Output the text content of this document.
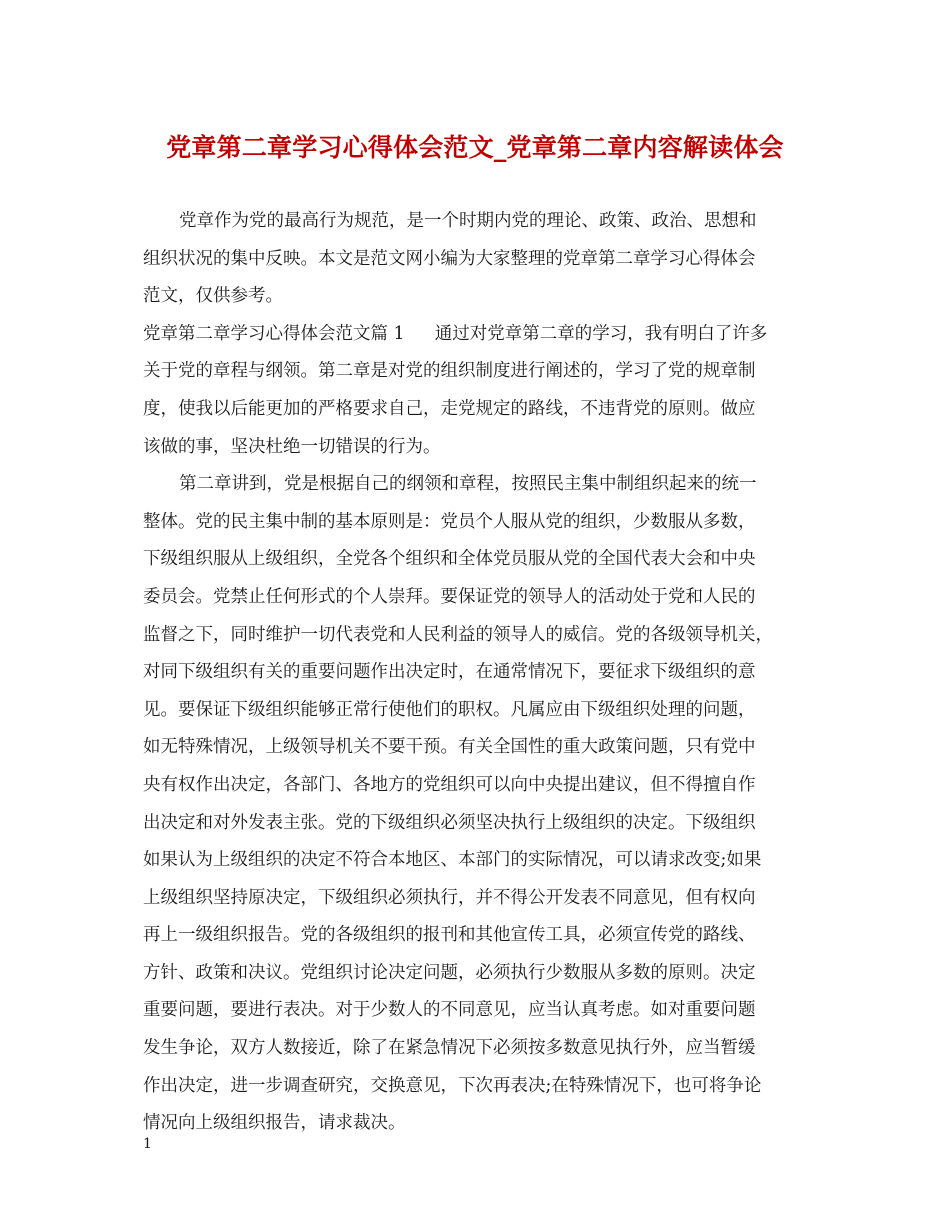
党章第二章学习心得体会范文_党章第二章内容解读体会
党章作为党的最高行为规范，是一个时期内党的理论、政策、政治、思想和
组织状况的集中反映。本文是范文网小编为大家整理的党章第二章学习心得体会
范文，仅供参考。
党章第二章学习心得体会范文篇 1 通过对党章第二章的学习，我有明白了许多
关于党的章程与纲领。第二章是对党的组织制度进行阐述的，学习了党的规章制
度，使我以后能更加的严格要求自己，走党规定的路线，不违背党的原则。做应
该做的事，坚决杜绝一切错误的行为。
第二章讲到，党是根据自己的纲领和章程，按照民主集中制组织起来的统一
整体。党的民主集中制的基本原则是：党员个人服从党的组织，少数服从多数，
下级组织服从上级组织，全党各个组织和全体党员服从党的全国代表大会和中央
委员会。党禁止任何形式的个人崇拜。要保证党的领导人的活动处于党和人民的
监督之下，同时维护一切代表党和人民利益的领导人的威信。党的各级领导机关，
对同下级组织有关的重要问题作出决定时，在通常情况下，要征求下级组织的意
见。要保证下级组织能够正常行使他们的职权。凡属应由下级组织处理的问题，
如无特殊情况，上级领导机关不要干预。有关全国性的重大政策问题，只有党中
央有权作出决定，各部门、各地方的党组织可以向中央提出建议，但不得擅自作
出决定和对外发表主张。党的下级组织必须坚决执行上级组织的决定。下级组织
如果认为上级组织的决定不符合本地区、本部门的实际情况，可以请求改变;如果
上级组织坚持原决定，下级组织必须执行，并不得公开发表不同意见，但有权向
再上一级组织报告。党的各级组织的报刊和其他宣传工具，必须宣传党的路线、
方针、政策和决议。党组织讨论决定问题，必须执行少数服从多数的原则。决定
重要问题，要进行表决。对于少数人的不同意见，应当认真考虑。如对重要问题
发生争论，双方人数接近，除了在紧急情况下必须按多数意见执行外，应当暂缓
作出决定，进一步调查研究，交换意见，下次再表决;在特殊情况下，也可将争论
情况向上级组织报告，请求裁决。
1
